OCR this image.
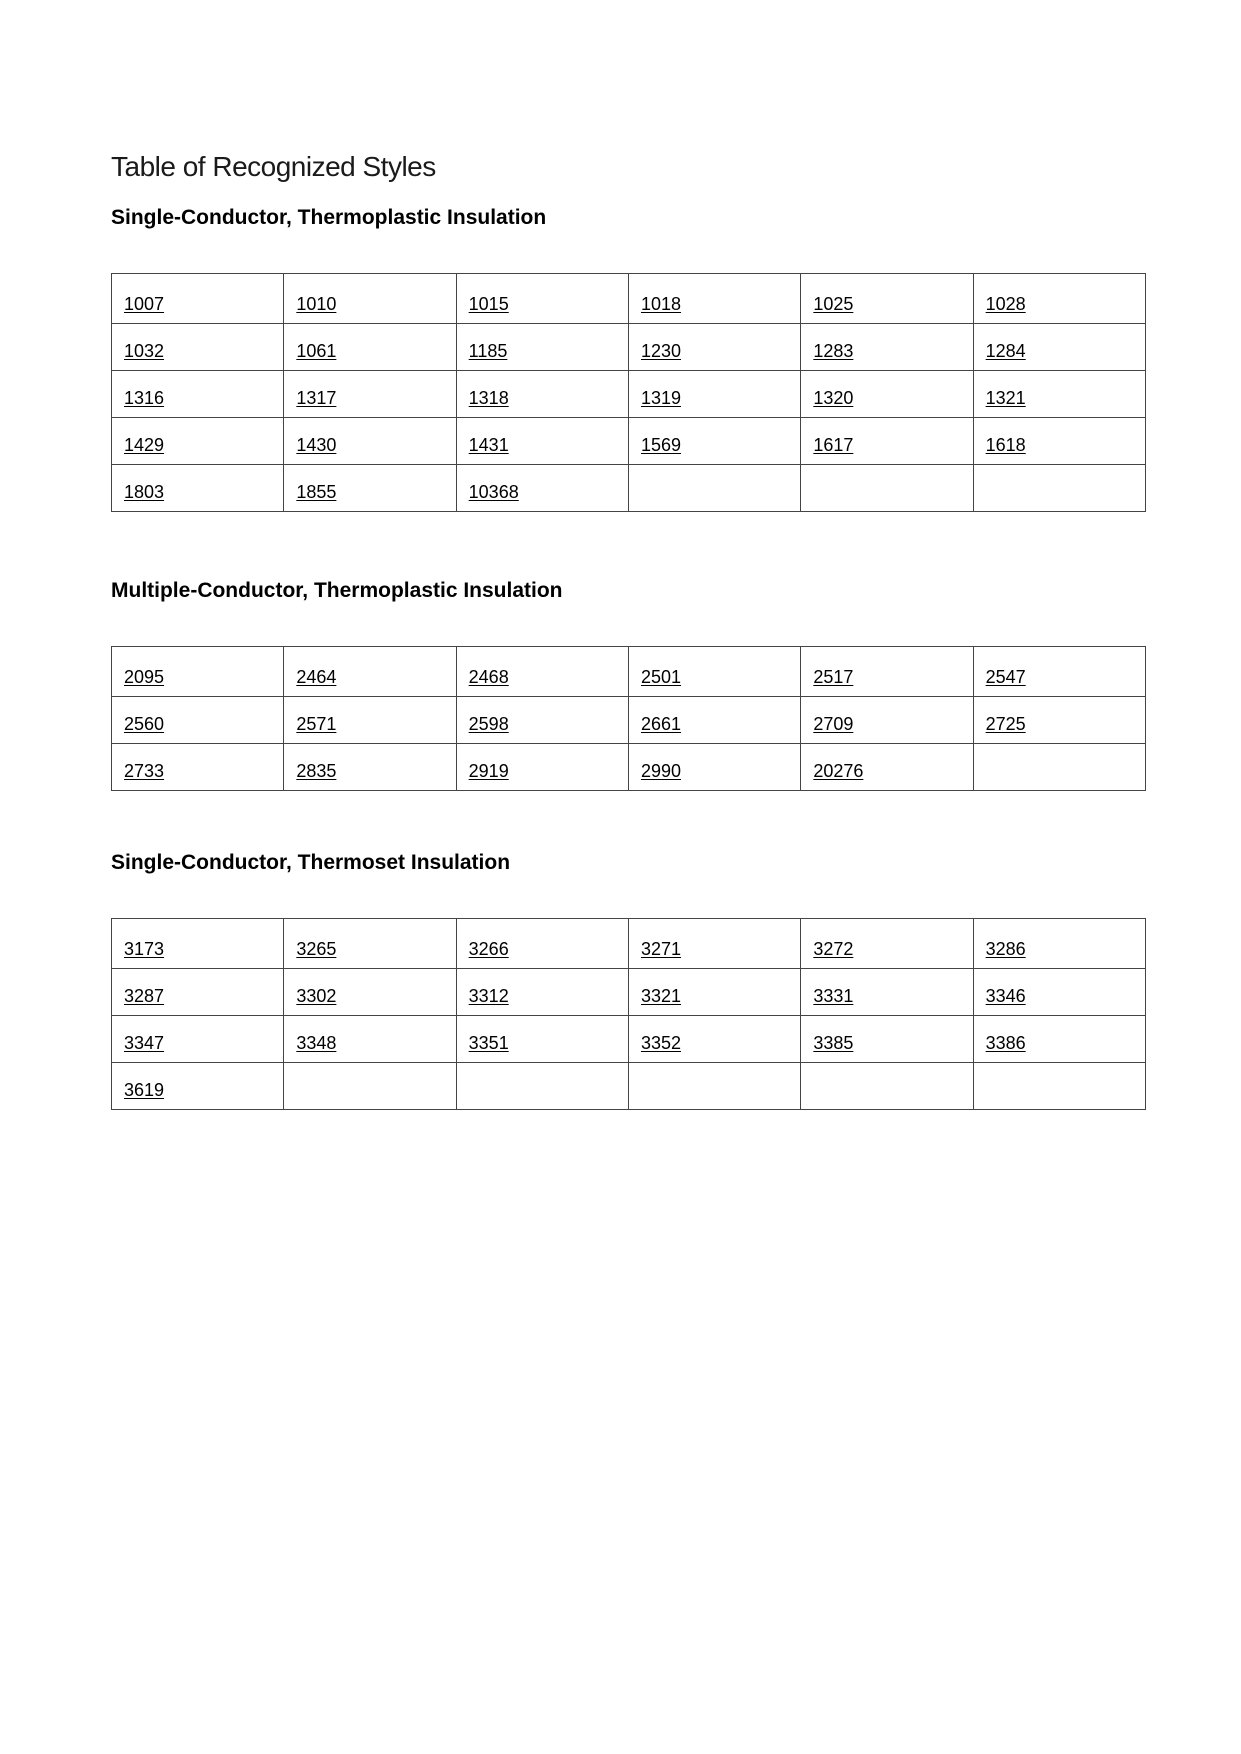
Table of Recognized Styles
Single-Conductor, Thermoplastic Insulation
1007	1010	1015	1018	1025	1028
1032	1061	1185	1230	1283	1284
1316	1317	1318	1319	1320	1321
1429	1430	1431	1569	1617	1618
1803	1855	10368			
Multiple-Conductor, Thermoplastic Insulation
2095	2464	2468	2501	2517	2547
2560	2571	2598	2661	2709	2725
2733	2835	2919	2990	20276	
Single-Conductor, Thermoset Insulation
3173	3265	3266	3271	3272	3286
3287	3302	3312	3321	3331	3346
3347	3348	3351	3352	3385	3386
3619					
